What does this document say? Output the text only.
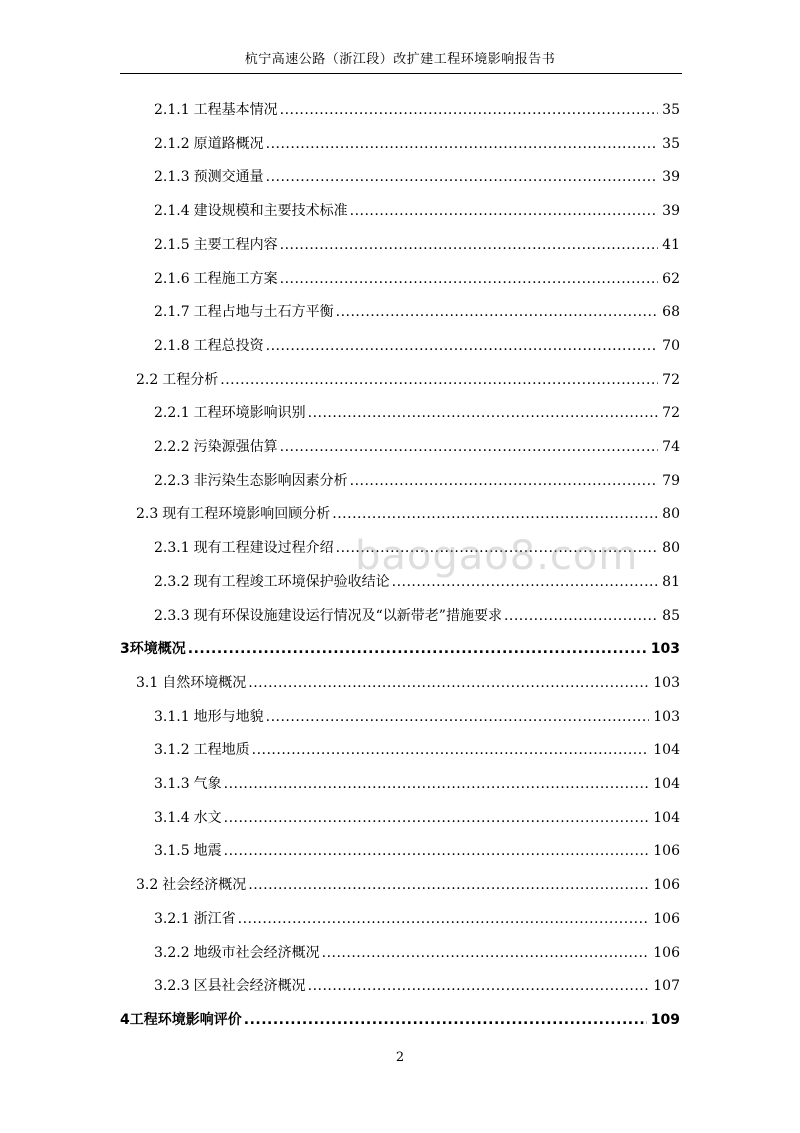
杭宁高速公路（浙江段）改扩建工程环境影响报告书
2.1.1 工程基本情况 .....	35
2.1.2 原道路概况 .....	35
2.1.3 预测交通量 .....	39
2.1.4 建设规模和主要技术标准 .....	39
2.1.5 主要工程内容 .....	41
2.1.6 工程施工方案 .....	62
2.1.7 工程占地与土石方平衡 .....	68
2.1.8 工程总投资 .....	70
2.2 工程分析 .....	72
2.2.1 工程环境影响识别 .....	72
2.2.2 污染源强估算 .....	74
2.2.3 非污染生态影响因素分析 .....	79
2.3 现有工程环境影响回顾分析 .....	80
2.3.1 现有工程建设过程介绍 .....	80
2.3.2 现有工程竣工环境保护验收结论 .....	81
2.3.3 现有环保设施建设运行情况及“以新带老”措施要求 .....	85
3 环境概况 .....	103
3.1 自然环境概况 .....	103
3.1.1 地形与地貌 .....	103
3.1.2 工程地质 .....	104
3.1.3 气象 .....	104
3.1.4 水文 .....	104
3.1.5 地震 .....	106
3.2 社会经济概况 .....	106
3.2.1 浙江省 .....	106
3.2.2 地级市社会经济概况 .....	106
3.2.3 区县社会经济概况 .....	107
4 工程环境影响评价 .....	109
baogao8.com
2
